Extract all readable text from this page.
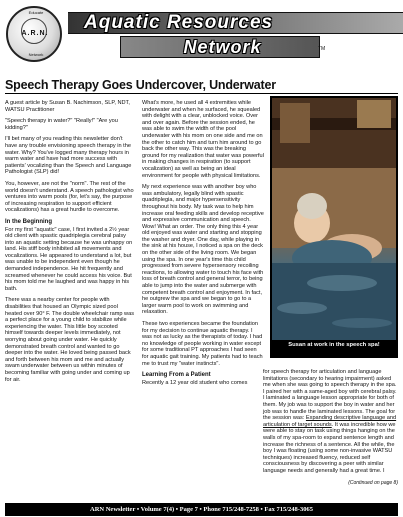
Educate
A.R.N.
Network
Aquatic Resources
Network	TM
Speech Therapy Goes Undercover, Underwater

A guest article by Susan B. Nachimson, SLP, NDT, WATSU Practitioner

"Speech therapy in water?" "Really!" "Are you kidding?"

I'll bet many of you reading this newsletter don't have any trouble envisioning speech therapy in the water. Why? You've logged many therapy hours in warm water and have had more success with patients' vocalizing than the Speech and Language Pathologist (SLP) did!

You, however, are not the "norm". The rest of the world doesn't understand. A speech pathologist who ventures into warm pools (for, let's say, the purpose of increasing respiration to support efficient vocalizations) has a great hurdle to overcome.

In the Beginning

For my first "aquatic" case, I first invited a 2½ year old client with spastic quadriplegia cerebral palsy into an aquatic setting because he was unhappy on land. His stiff body inhibited all movements and vocalizations. He appeared to understand a lot, but was unable to be independent even though he demanded independence. He hit frequently and screamed whenever he could access his voice. But his mom told me he laughed and was happy in his bath.

There was a nearby center for people with disabilities that housed an Olympic sized pool heated over 90° F. The double wheelchair ramp was a perfect place for a young child to stabilize while experiencing the water. This little boy scooted himself towards deeper levels immediately, not worrying about going under water. He quickly demonstrated breath control and wanted to go deeper into the water. He loved being passed back and forth between his mom and me and actually swam underwater between us within minutes of becoming familiar with going under and coming up for air.

What's more, he used all 4 extremities while underwater and when he surfaced, he squealed with delight with a clear, unblocked voice. Over and over again. Before the session ended, he was able to swim the width of the pool underwater with his mom on one side and me on the other to catch him and turn him around to go back the other way. This was the breaking ground for my realization that water was powerful in making changes in respiration (to support vocalization) as well as being an ideal environment for people with physical limitations.

My next experience was with another boy who was ambulatory, legally blind with spastic quadriplegia, and major hypersensitivity throughout his body. My task was to help him increase oral feeding skills and develop receptive and expressive communication and speech. Wow! What an order. The only thing this 4 year old enjoyed was water and starting and stopping the washer and dryer. One day, while playing in the sink at his house, I noticed a spa on the deck on the other side of the living room. We began using the spa. In one year's time this child progressed from severe hypersensory recoiling reactions, to allowing water to touch his face with loss of breath control and general terror, to being able to jump into the water and submerge with competent breath control and enjoyment. In fact, he outgrew the spa and we began to go to a larger warm pool to work on swimming and relaxation.

These two experiences became the foundation for my decision to continue aquatic therapy. I was not as lucky as the therapists of today. I had no knowledge of people working in water except for some traditional PT approaches I had seen for aquatic gait training. My patients had to teach me to trust my "water instincts".

Learning From a Patient

Recently a 12 year old student who comes

Susan at work in the speech spa!

for speech therapy for articulation and language limitations (secondary to hearing impairment) asked me when she was going to speech therapy in the spa. I paired her with a same-aged boy with cerebral palsy. I laminated a language lesson appropriate for both of them. My job was to support the boy in water and her job was to handle the laminated lessons. The goal for the session was: Expanding descriptive language and articulation of target sounds. It was incredible how we were able to stay on task using things hanging on the walls of my spa-room to expand sentence length and increase the richness of a sentence. All the while, the boy I was floating (using some non-invasive WATSU techniques) increased fluency, reduced self consciousness by discovering a peer with similar language needs and generally had a great time. I

(Continued on page 8)
ARN Newsletter • Volume 7(4) • Page 7 • Phone 715/248-7258 • Fax 715/248-3065
